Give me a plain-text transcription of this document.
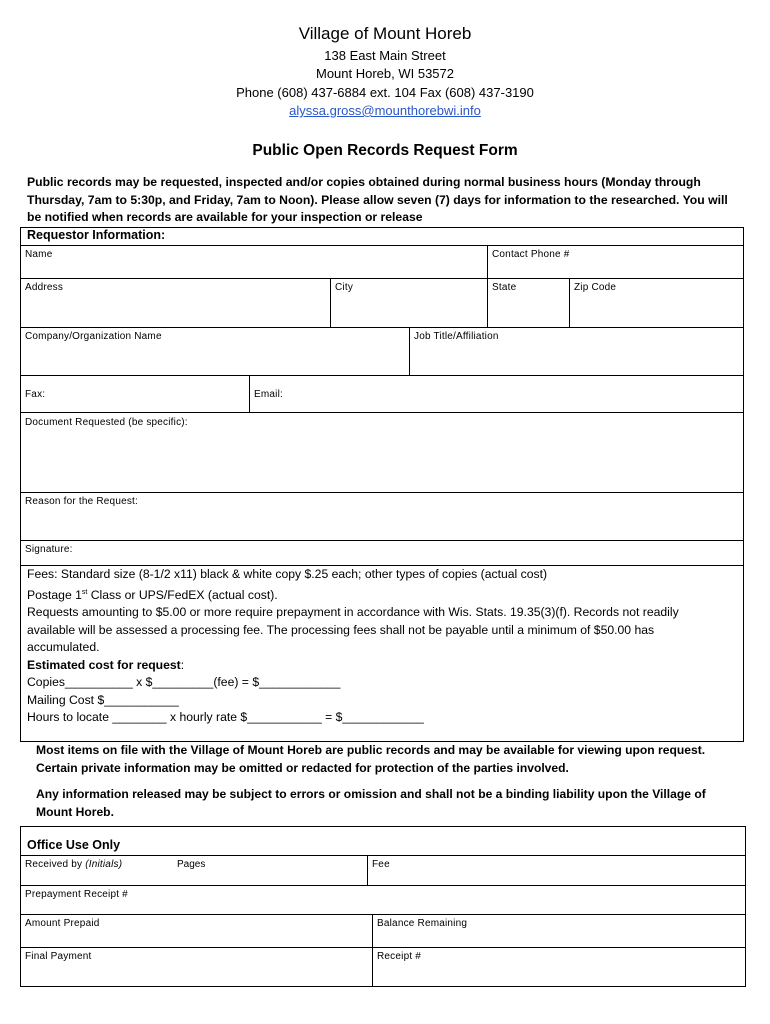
Village of Mount Horeb
138 East Main Street
Mount Horeb, WI 53572
Phone (608) 437-6884 ext. 104 Fax (608) 437-3190
alyssa.gross@mounthorebwi.info
Public Open Records Request Form
Public records may be requested, inspected and/or copies obtained during normal business hours (Monday through Thursday, 7am to 5:30p, and Friday, 7am to Noon). Please allow seven (7) days for information to the researched. You will be notified when records are available for your inspection or release
Requestor Information:
Name	Contact Phone #
Address	City	State	Zip Code
Company/Organization Name	Job Title/Affiliation
Fax:	Email:
Document Requested (be specific):
Reason for the Request:
Signature:
Fees: Standard size (8-1/2 x11) black & white copy $.25 each; other types of copies (actual cost)
Postage 1st Class or UPS/FedEX (actual cost).
Requests amounting to $5.00 or more require prepayment in accordance with Wis. Stats. 19.35(3)(f). Records not readily
available will be assessed a processing fee. The processing fees shall not be payable until a minimum of $50.00 has
accumulated.
Estimated cost for request:
Copies__________ x $_________(fee) = $____________
Mailing Cost $___________
Hours to locate ________ x hourly rate $___________ = $____________
Most items on file with the Village of Mount Horeb are public records and may be available for viewing upon request. Certain private information may be omitted or redacted for protection of the parties involved.
Any information released may be subject to errors or omission and shall not be a binding liability upon the Village of Mount Horeb.
Office Use Only
Received by (Initials)	Pages	Fee
Prepayment Receipt #
Amount Prepaid	Balance Remaining
Final Payment	Receipt #
